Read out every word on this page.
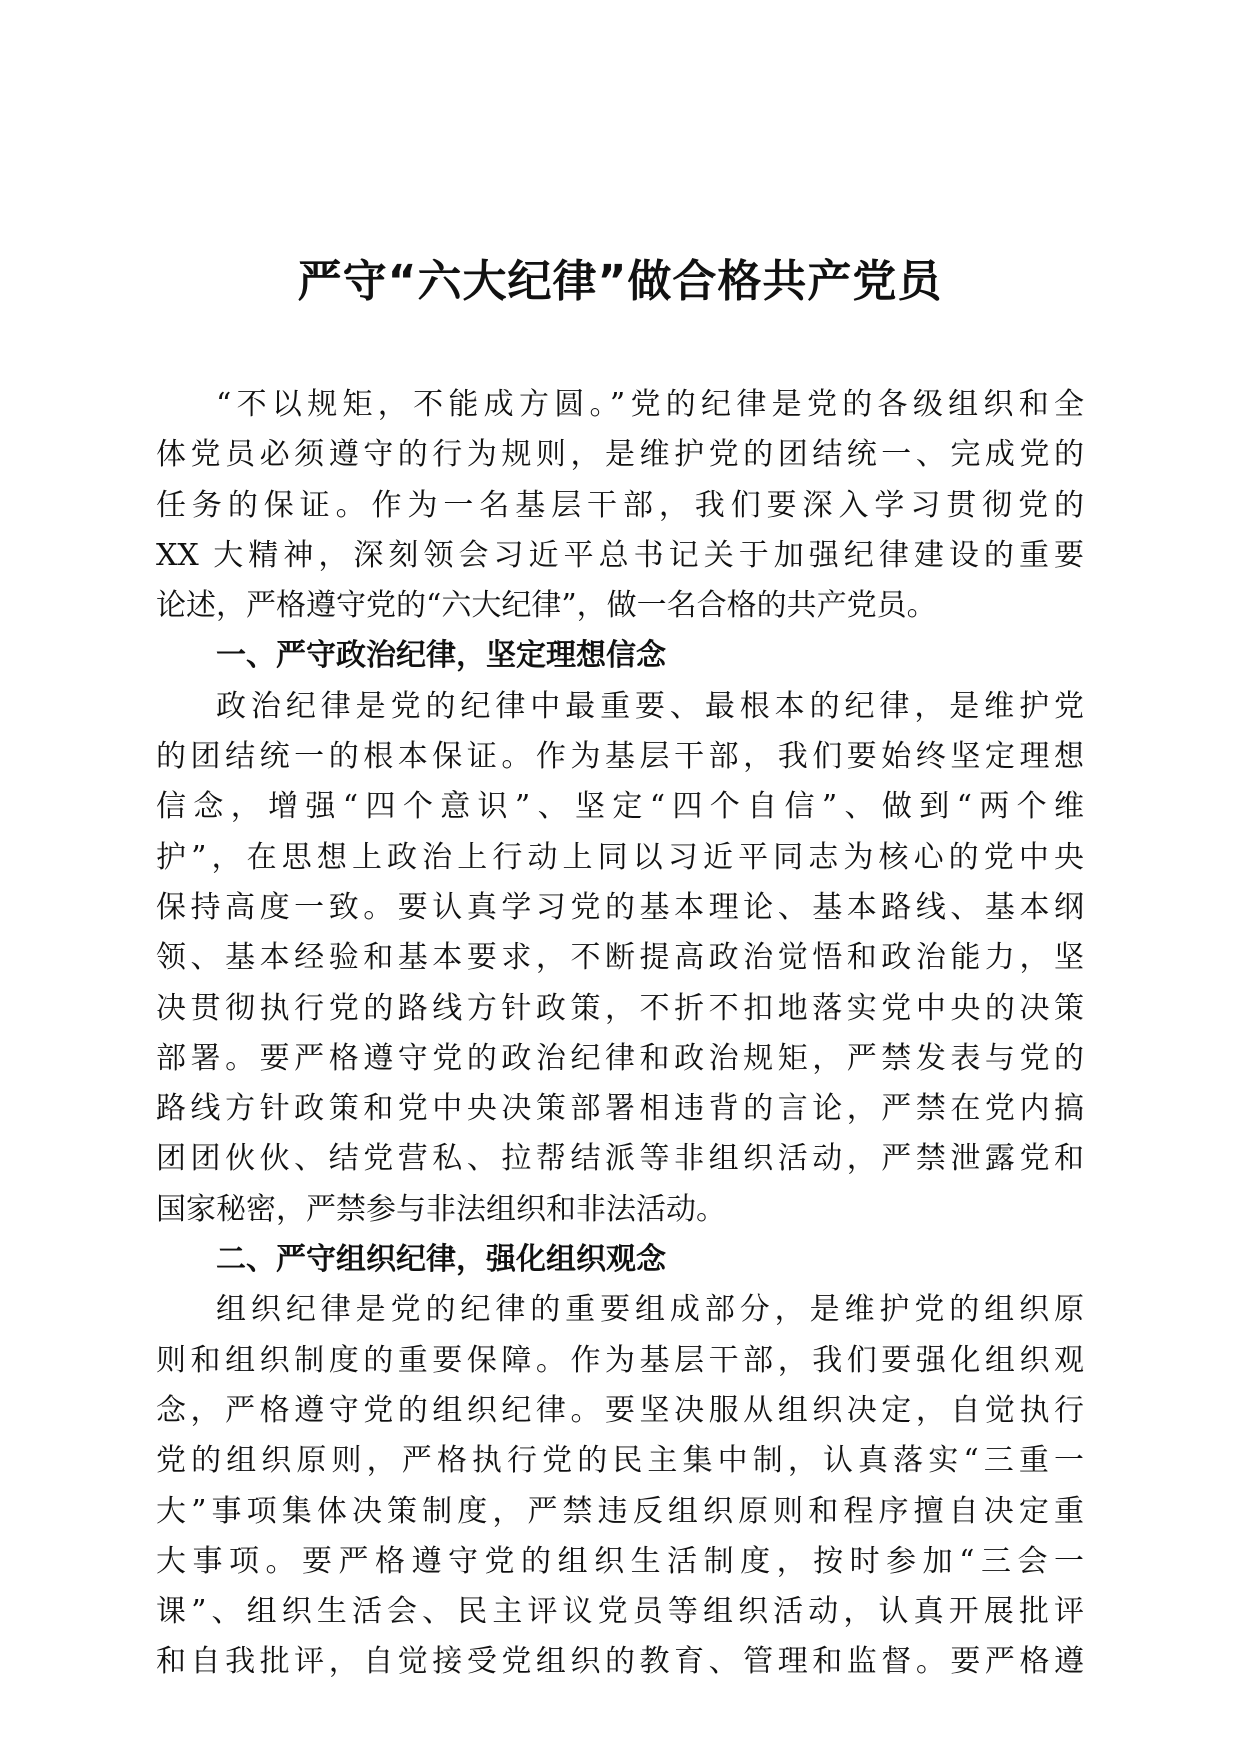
严守“六大纪律”做合格共产党员
“不以规矩，不能成方圆。”党的纪律是党的各级组织和全
体党员必须遵守的行为规则，是维护党的团结统一、完成党的
任务的保证。作为一名基层干部，我们要深入学习贯彻党的
XX 大精神，深刻领会习近平总书记关于加强纪律建设的重要
论述，严格遵守党的“六大纪律”，做一名合格的共产党员。
一、严守政治纪律，坚定理想信念
政治纪律是党的纪律中最重要、最根本的纪律，是维护党
的团结统一的根本保证。作为基层干部，我们要始终坚定理想
信念，增强“四个意识”、坚定“四个自信”、做到“两个维
护”，在思想上政治上行动上同以习近平同志为核心的党中央
保持高度一致。要认真学习党的基本理论、基本路线、基本纲
领、基本经验和基本要求，不断提高政治觉悟和政治能力，坚
决贯彻执行党的路线方针政策，不折不扣地落实党中央的决策
部署。要严格遵守党的政治纪律和政治规矩，严禁发表与党的
路线方针政策和党中央决策部署相违背的言论，严禁在党内搞
团团伙伙、结党营私、拉帮结派等非组织活动，严禁泄露党和
国家秘密，严禁参与非法组织和非法活动。
二、严守组织纪律，强化组织观念
组织纪律是党的纪律的重要组成部分，是维护党的组织原
则和组织制度的重要保障。作为基层干部，我们要强化组织观
念，严格遵守党的组织纪律。要坚决服从组织决定，自觉执行
党的组织原则，严格执行党的民主集中制，认真落实“三重一
大”事项集体决策制度，严禁违反组织原则和程序擅自决定重
大事项。要严格遵守党的组织生活制度，按时参加“三会一
课”、组织生活会、民主评议党员等组织活动，认真开展批评
和自我批评，自觉接受党组织的教育、管理和监督。要严格遵
